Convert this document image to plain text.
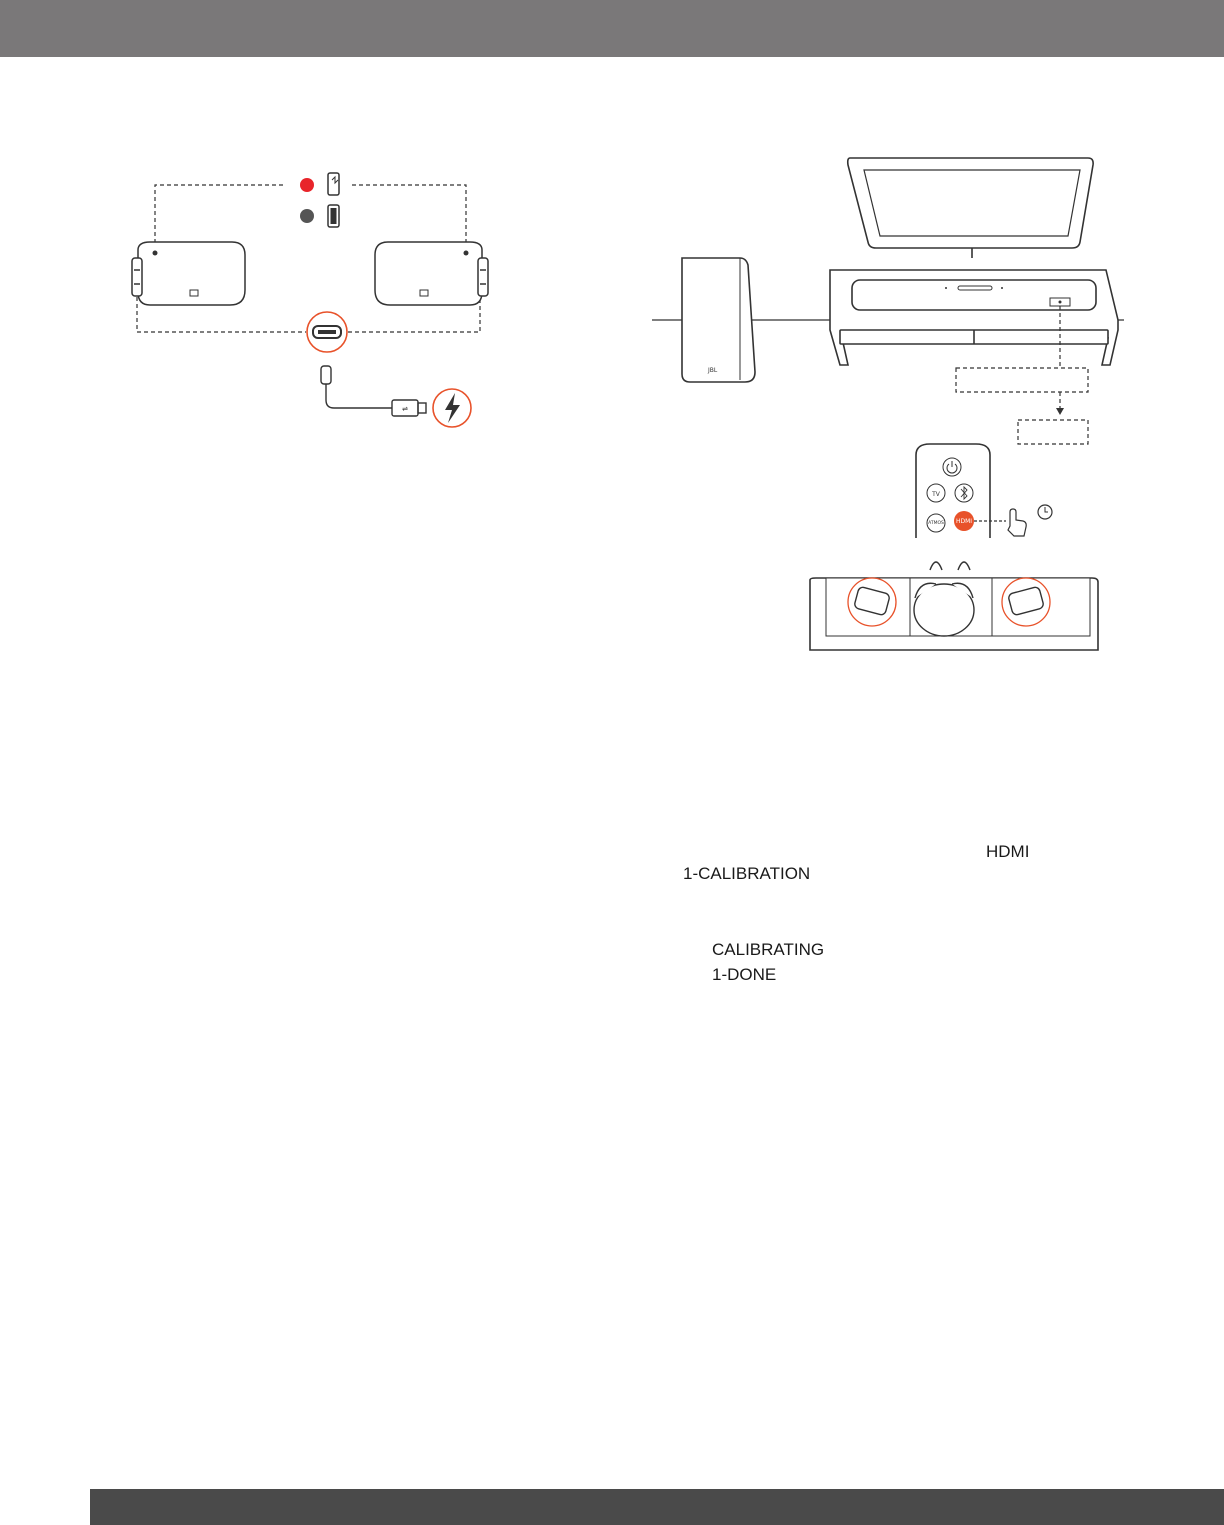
⇌
JBL
TV
ATMOS HDMI
HDMI
1-CALIBRATION
CALIBRATING
1-DONE
